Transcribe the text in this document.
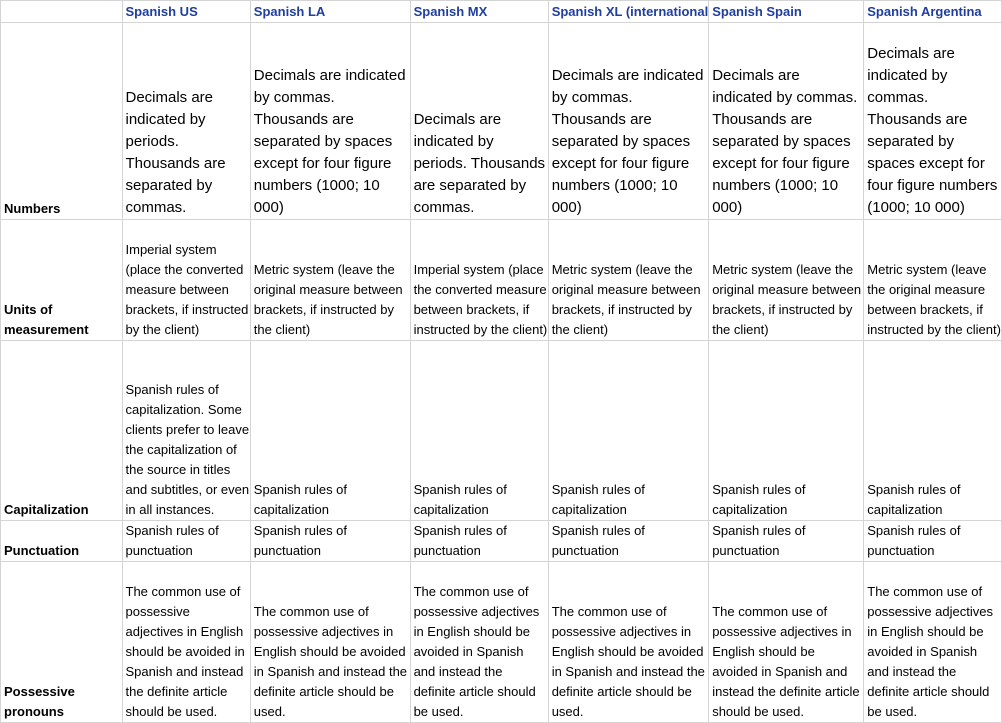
	Spanish US	Spanish LA	Spanish MX	Spanish XL (international	Spanish Spain	Spanish Argentina
Numbers	Decimals are indicated by periods. Thousands are separated by commas.	Decimals are indicated by commas. Thousands are separated by spaces except for four figure numbers (1000; 10 000)	Decimals are indicated by periods. Thousands are separated by commas.	Decimals are indicated by commas. Thousands are separated by spaces except for four figure numbers (1000; 10 000)	Decimals are indicated by commas. Thousands are separated by spaces except for four figure numbers (1000; 10 000)	Decimals are indicated by commas. Thousands are separated by spaces except for four figure numbers (1000; 10 000)
Units of measurement	Imperial system (place the converted measure between brackets, if instructed by the client)	Metric system (leave the original measure between brackets, if instructed by the client)	Imperial system (place the converted measure between brackets, if instructed by the client)	Metric system (leave the original measure between brackets, if instructed by the client)	Metric system (leave the original measure between brackets, if instructed by the client)	Metric system (leave the original measure between brackets, if instructed by the client)
Capitalization	Spanish rules of capitalization. Some clients prefer to leave the capitalization of the source in titles and subtitles, or even in all instances.	Spanish rules of capitalization	Spanish rules of capitalization	Spanish rules of capitalization	Spanish rules of capitalization	Spanish rules of capitalization
Punctuation	Spanish rules of punctuation	Spanish rules of punctuation	Spanish rules of punctuation	Spanish rules of punctuation	Spanish rules of punctuation	Spanish rules of punctuation
Possessive pronouns	The common use of possessive adjectives in English should be avoided in Spanish and instead the definite article should be used.	The common use of possessive adjectives in English should be avoided in Spanish and instead the definite article should be used.	The common use of possessive adjectives in English should be avoided in Spanish and instead the definite article should be used.	The common use of possessive adjectives in English should be avoided in Spanish and instead the definite article should be used.	The common use of possessive adjectives in English should be avoided in Spanish and instead the definite article should be used.	The common use of possessive adjectives in English should be avoided in Spanish and instead the definite article should be used.
